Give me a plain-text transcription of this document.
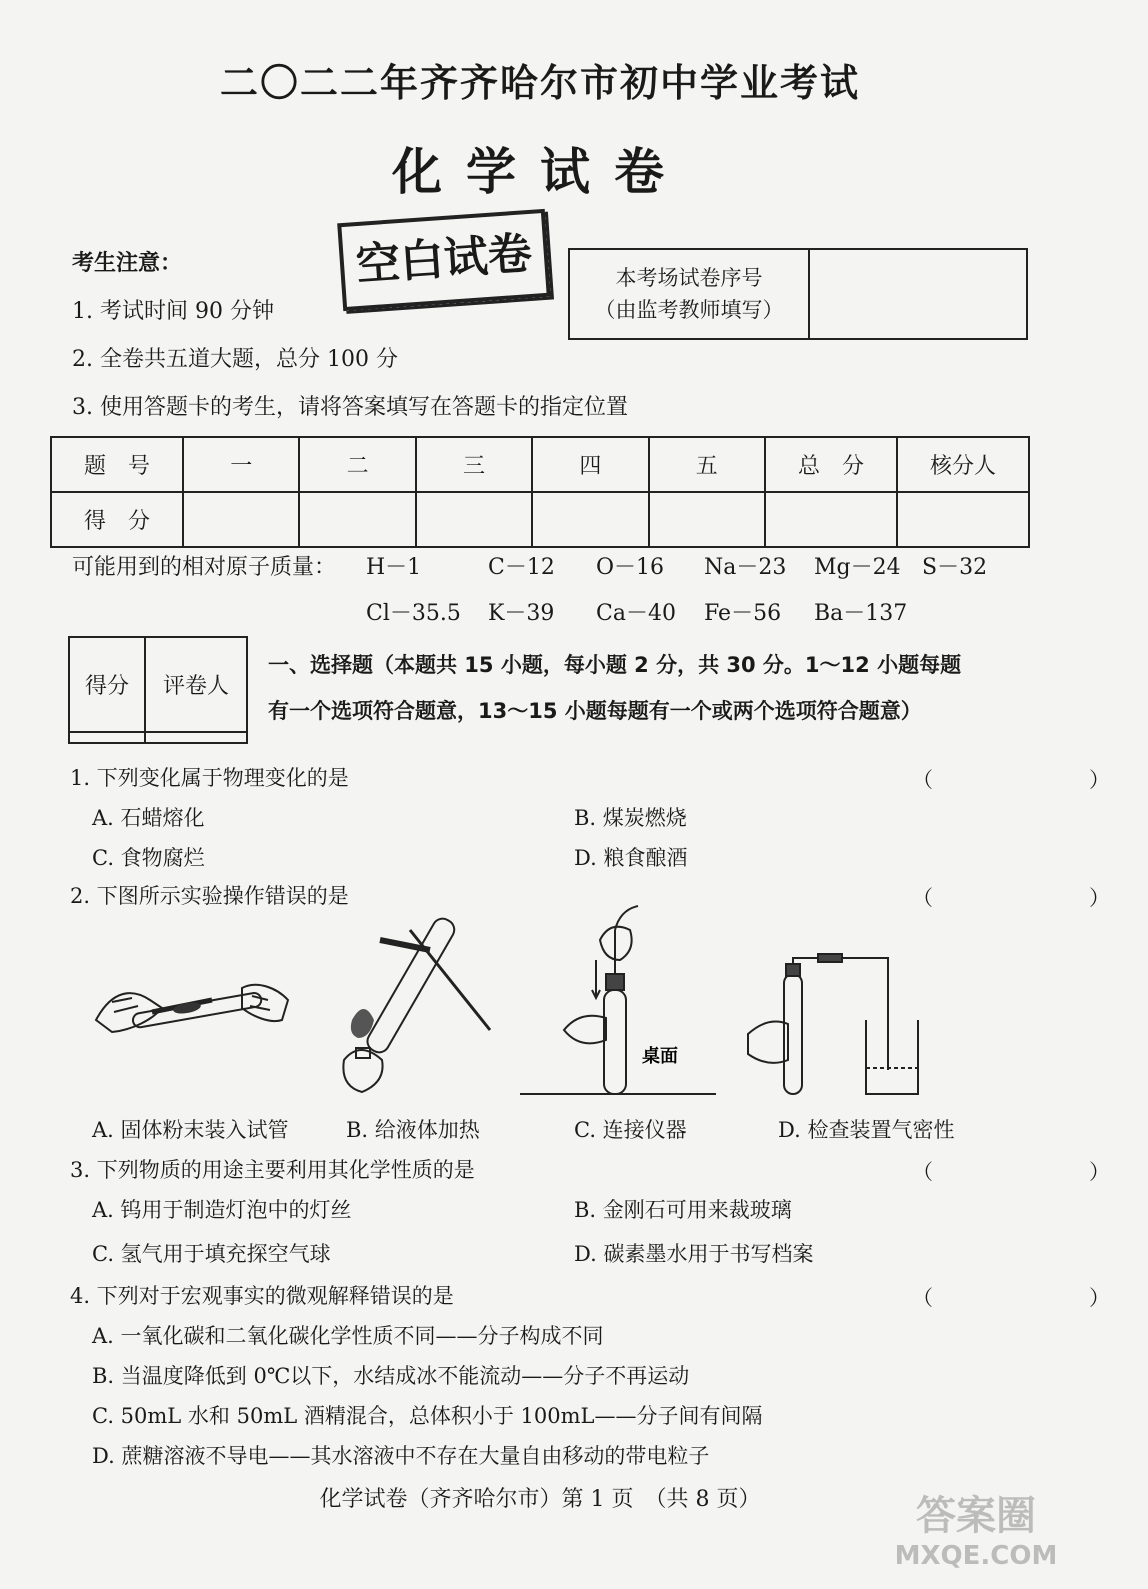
二〇二二年齐齐哈尔市初中学业考试
化学试卷
空白试卷
考生注意：
1. 考试时间 90 分钟
2. 全卷共五道大题，总分 100 分
3. 使用答题卡的考生，请将答案填写在答题卡的指定位置
本考场试卷序号
（由监考教师填写）
题　号	一	二	三	四	五	总　分	核分人
得　分							
可能用到的相对原子质量： H－1	C－12 O－16 Na－23 Mg－24 S－32
Cl－35.5 K－39 Ca－40 Fe－56 Ba－137
得分	评卷人

一、选择题（本题共 15 小题，每小题 2 分，共 30 分。1～12 小题每题
有一个选项符合题意，13～15 小题每题有一个或两个选项符合题意）
1. 下列变化属于物理变化的是	（　　）
A. 石蜡熔化	B. 煤炭燃烧
C. 食物腐烂	D. 粮食酿酒
2. 下图所示实验操作错误的是	（　　）
桌面
A. 固体粉末装入试管	B. 给液体加热	C. 连接仪器	D. 检查装置气密性
3. 下列物质的用途主要利用其化学性质的是	（　　）
A. 钨用于制造灯泡中的灯丝	B. 金刚石可用来裁玻璃
C. 氢气用于填充探空气球	D. 碳素墨水用于书写档案
4. 下列对于宏观事实的微观解释错误的是	（　　）
A. 一氧化碳和二氧化碳化学性质不同——分子构成不同
B. 当温度降低到 0℃以下，水结成冰不能流动——分子不再运动
C. 50mL 水和 50mL 酒精混合，总体积小于 100mL——分子间有间隔
D. 蔗糖溶液不导电——其水溶液中不存在大量自由移动的带电粒子
化学试卷（齐齐哈尔市）第 1 页　（共 8 页）	答案圈
MXQE.COM
